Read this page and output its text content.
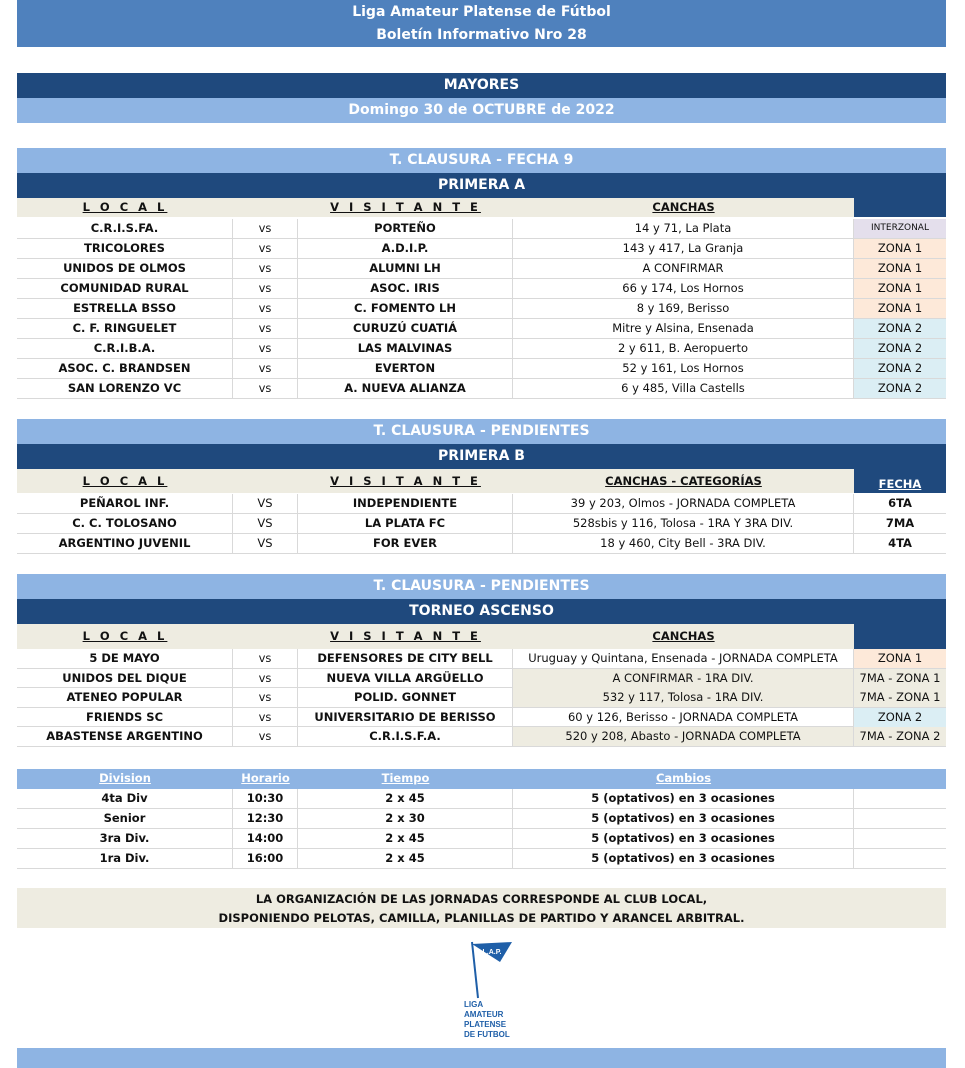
Liga Amateur Platense de Fútbol
Boletín Informativo Nro 28
MAYORES
Domingo 30 de OCTUBRE de 2022
T. CLAUSURA - FECHA 9
PRIMERA A
L O C A L	V I S I T A N T E	CANCHAS
C.R.I.S.FA.	vs	PORTEÑO	14 y 71, La Plata	INTERZONAL
TRICOLORES	vs	A.D.I.P.	143 y 417, La Granja	ZONA 1
UNIDOS DE OLMOS	vs	ALUMNI LH	A CONFIRMAR	ZONA 1
COMUNIDAD RURAL	vs	ASOC. IRIS	66 y 174, Los Hornos	ZONA 1
ESTRELLA BSSO	vs	C. FOMENTO LH	8 y 169, Berisso	ZONA 1
C. F. RINGUELET	vs	CURUZÚ CUATIÁ	Mitre y Alsina, Ensenada	ZONA 2
C.R.I.B.A.	vs	LAS MALVINAS	2 y 611, B. Aeropuerto	ZONA 2
ASOC. C. BRANDSEN	vs	EVERTON	52 y 161, Los Hornos	ZONA 2
SAN LORENZO VC	vs	A. NUEVA ALIANZA	6 y 485, Villa Castells	ZONA 2
T. CLAUSURA - PENDIENTES
PRIMERA B
L O C A L	V I S I T A N T E	CANCHAS - CATEGORÍAS	FECHA
PEÑAROL INF.	VS	INDEPENDIENTE	39 y 203, Olmos - JORNADA COMPLETA	6TA
C. C. TOLOSANO	VS	LA PLATA FC	528sbis y 116, Tolosa - 1RA Y 3RA DIV.	7MA
ARGENTINO JUVENIL	VS	FOR EVER	18 y 460, City Bell - 3RA DIV.	4TA
T. CLAUSURA - PENDIENTES
TORNEO ASCENSO
L O C A L	V I S I T A N T E	CANCHAS
5 DE MAYO	vs	DEFENSORES DE CITY BELL	Uruguay y Quintana, Ensenada - JORNADA COMPLETA	ZONA 1
UNIDOS DEL DIQUE	vs	NUEVA VILLA ARGÜELLO	A CONFIRMAR - 1RA DIV.	7MA - ZONA 1
ATENEO POPULAR	vs	POLID. GONNET	532 y 117, Tolosa - 1RA DIV.	7MA - ZONA 1
FRIENDS SC	vs	UNIVERSITARIO DE BERISSO	60 y 126, Berisso - JORNADA COMPLETA	ZONA 2
ABASTENSE ARGENTINO	vs	C.R.I.S.F.A.	520 y 208, Abasto - JORNADA COMPLETA	7MA - ZONA 2
Division	Horario	Tiempo	Cambios
4ta Div	10:30	2 x 45	5 (optativos) en 3 ocasiones
Senior	12:30	2 x 30	5 (optativos) en 3 ocasiones
3ra Div.	14:00	2 x 45	5 (optativos) en 3 ocasiones
1ra Div.	16:00	2 x 45	5 (optativos) en 3 ocasiones
LA ORGANIZACIÓN DE LAS JORNADAS CORRESPONDE AL CLUB LOCAL,
DISPONIENDO PELOTAS, CAMILLA, PLANILLAS DE PARTIDO Y ARANCEL ARBITRAL.
L.A.P.
LIGA
AMATEUR
PLATENSE
DE FUTBOL
